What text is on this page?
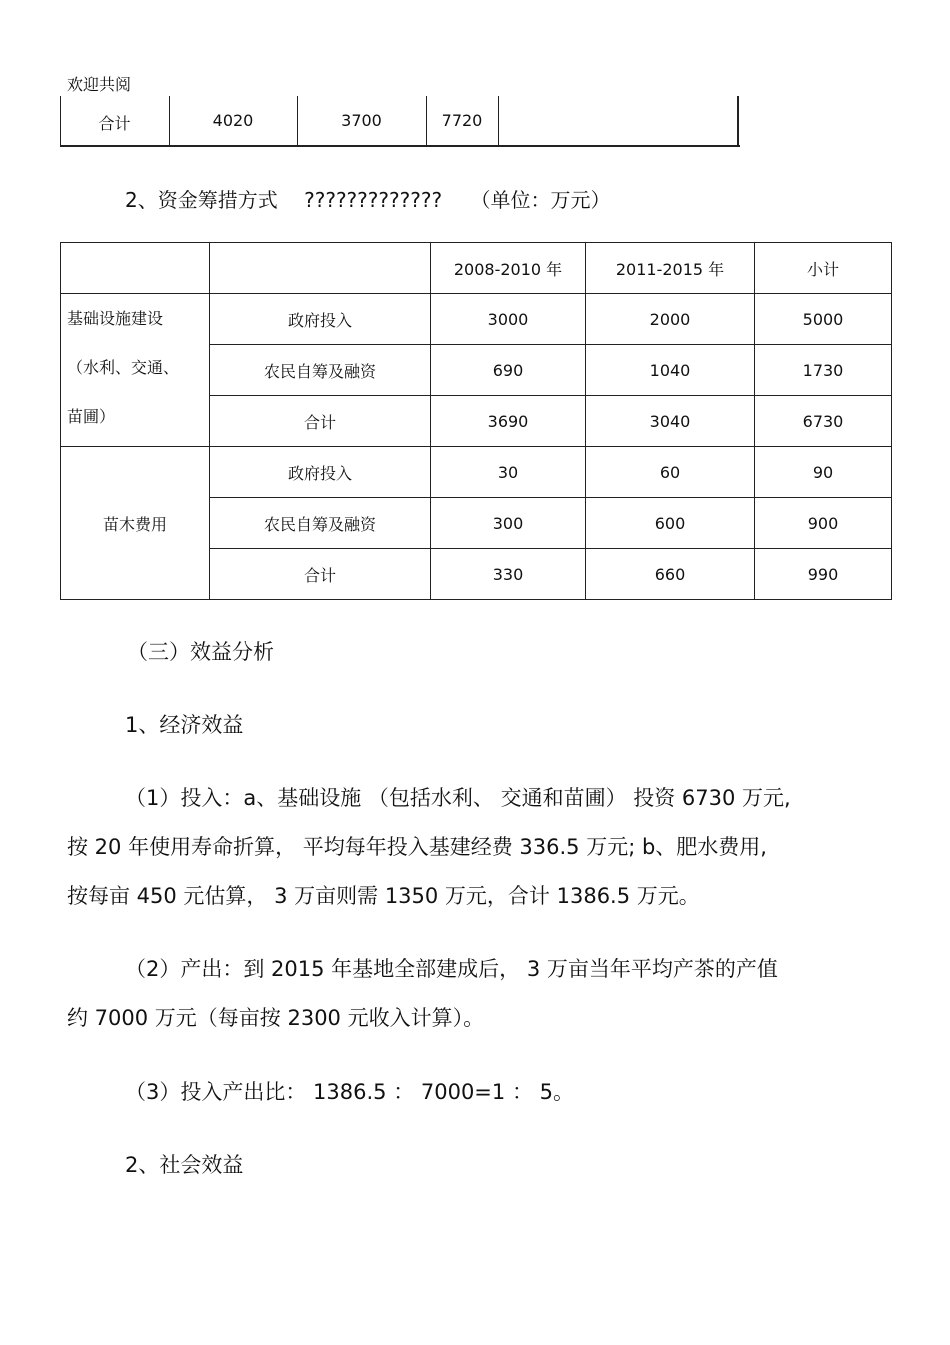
欢迎共阅
合计	4020	3700	7720
2、资金筹措方式 ????????????? （单位：万元）
		2008-2010 年	2011-2015 年	小计

基础设施建设
（水利、交通、
苗圃）	政府投入	3000	2000	5000
	农民自筹及融资	690	1040	1730
	合计	3690	3040	6730
苗木费用	政府投入	30	60	90
	农民自筹及融资	300	600	900
	合计	330	660	990
（三）效益分析
1、经济效益
（1）投入：a、基础设施 （包括水利、 交通和苗圃） 投资 6730 万元,
按 20 年使用寿命折算， 平均每年投入基建经费 336.5 万元; b、肥水费用,
按每亩 450 元估算， 3 万亩则需 1350 万元，合计 1386.5 万元。
（2）产出：到 2015 年基地全部建成后， 3 万亩当年平均产茶的产值
约 7000 万元（每亩按 2300 元收入计算）。
（3）投入产出比： 1386.5 ： 7000=1 ： 5。
2、社会效益
